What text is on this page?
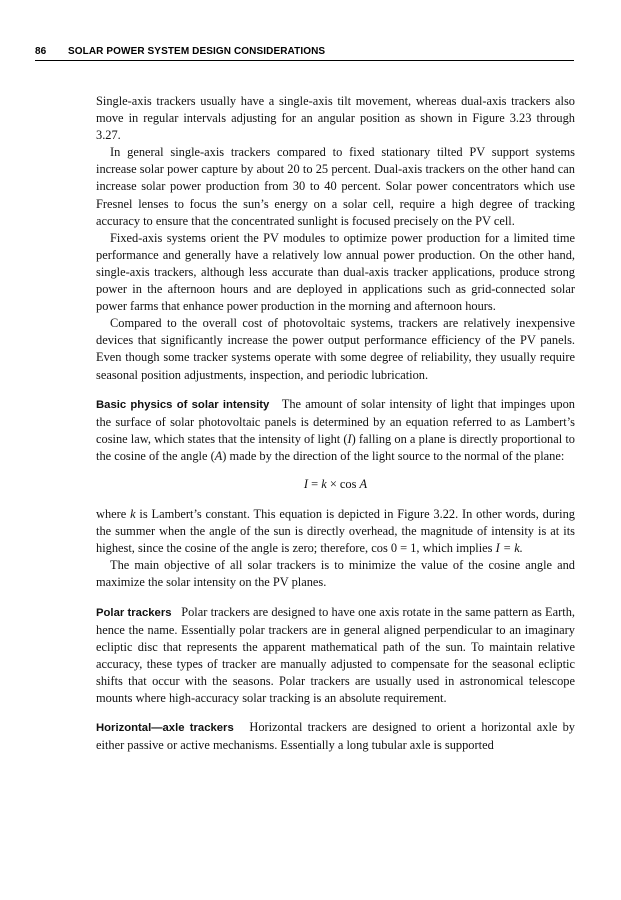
86 SOLAR POWER SYSTEM DESIGN CONSIDERATIONS

Single-axis trackers usually have a single-axis tilt movement, whereas dual-axis trackers also move in regular intervals adjusting for an angular position as shown in Figure 3.23 through 3.27.

In general single-axis trackers compared to fixed stationary tilted PV support systems increase solar power capture by about 20 to 25 percent. Dual-axis trackers on the other hand can increase solar power production from 30 to 40 percent. Solar power concentrators which use Fresnel lenses to focus the sun’s energy on a solar cell, require a high degree of tracking accuracy to ensure that the concentrated sunlight is focused precisely on the PV cell.

Fixed-axis systems orient the PV modules to optimize power production for a limited time performance and generally have a relatively low annual power production. On the other hand, single-axis trackers, although less accurate than dual-axis tracker applications, produce strong power in the afternoon hours and are deployed in applications such as grid-connected solar power farms that enhance power production in the morning and afternoon hours.

Compared to the overall cost of photovoltaic systems, trackers are relatively inexpensive devices that significantly increase the power output performance efficiency of the PV panels. Even though some tracker systems operate with some degree of reliability, they usually require seasonal position adjustments, inspection, and periodic lubrication.

Basic physics of solar intensity The amount of solar intensity of light that impinges upon the surface of solar photovoltaic panels is determined by an equation referred to as Lambert’s cosine law, which states that the intensity of light (I) falling on a plane is directly proportional to the cosine of the angle (A) made by the direction of the light source to the normal of the plane:

I = k × cos A

where k is Lambert’s constant. This equation is depicted in Figure 3.22. In other words, during the summer when the angle of the sun is directly overhead, the magnitude of intensity is at its highest, since the cosine of the angle is zero; therefore, cos 0 = 1, which implies I = k.

The main objective of all solar trackers is to minimize the value of the cosine angle and maximize the solar intensity on the PV planes.

Polar trackers Polar trackers are designed to have one axis rotate in the same pattern as Earth, hence the name. Essentially polar trackers are in general aligned perpendicular to an imaginary ecliptic disc that represents the apparent mathematical path of the sun. To maintain relative accuracy, these types of tracker are manually adjusted to compensate for the seasonal ecliptic shifts that occur with the seasons. Polar trackers are usually used in astronomical telescope mounts where high-accuracy solar tracking is an absolute requirement.

Horizontal—axle trackers Horizontal trackers are designed to orient a horizontal axle by either passive or active mechanisms. Essentially a long tubular axle is supported
